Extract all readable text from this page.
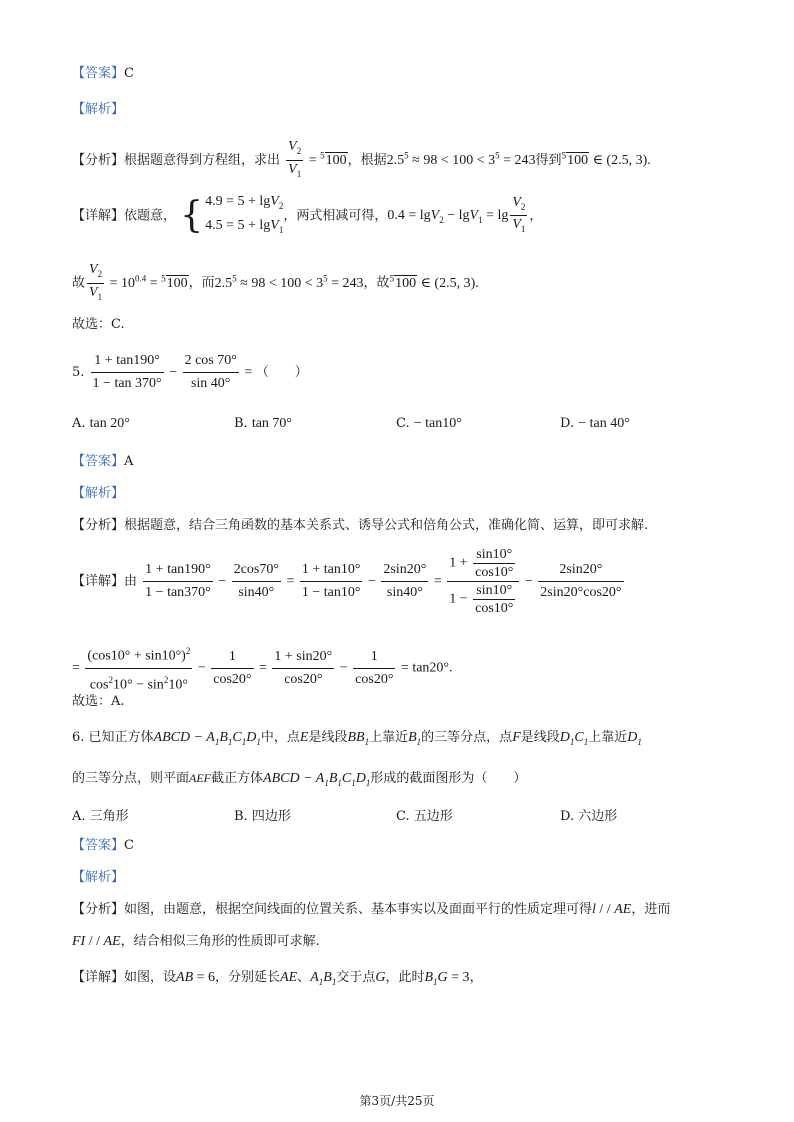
【答案】C
【解析】
【分析】根据题意得到方程组，求出 $\frac{V_2}{V_1} = ^5100$，根据$2.5^5 \approx 98 < 100 < 3^5 = 243$得到$^5$100 ∈ (2.5, 3).
【详解】依题意， { 4.9 = 5 + lgV$_2$
4.5 = 5 + lgV$_1$
，两式相减可得，$0.4 = \lg V_2 - \lg V_1 = \lg \frac{V_2}{V_1}$ ，
故 $\frac{V_2}{V_1} = 10^{0.4} = ^5100$，而$2.5^5 \approx 98 < 100 < 3^5 = 243$，故$^5$100 ∈ (2.5, 3).
故选：C.
5. $\frac{1 + \tan 190^\circ}{1 - \tan 370^\circ} - \frac{2 \cos 70^\circ}{\sin 40^\circ}$ = （　　）
A. tan 20°	B. tan 70°	C. − tan10°	D. − tan 40°
【答案】A
【解析】
【分析】根据题意，结合三角函数的基本关系式、诱导公式和倍角公式，准确化简、运算，即可求解.
【详解】由 $\frac{1 + \tan 190^\circ}{1 - \tan 370^\circ} - \frac{2\cos 70^\circ}{\sin 40^\circ} = \frac{1 + \tan 10^\circ}{1 - \tan 10^\circ} - \frac{2\sin 20^\circ}{\sin 40^\circ} = \frac{1 + \frac{\sin 10^\circ}{\cos 10^\circ}}{1 - \frac{\sin 10^\circ}{\cos 10^\circ}} - \frac{2\sin 20^\circ}{2\sin 20^\circ\cos 20^\circ}$
= $\frac{(\cos 10^\circ + \sin 10^\circ)^2}{\cos^210^\circ - \sin^210^\circ} - \frac{1}{\cos 20^\circ} = \frac{1 + \sin 20^\circ}{\cos 20^\circ} - \frac{1}{\cos 20^\circ} = \tan 20^\circ$.
故选：A.
6. 已知正方体ABCD − $A_1B_1C_1D_1$中，点E是线段$BB_1$上靠近$B_1$的三等分点，点F是线段$D_1C_1$上靠近$D_1$
的三等分点，则平面AEF截正方体ABCD − $A_1B_1C_1D_1$形成的截面图形为（　　）
A. 三角形	B. 四边形	C. 五边形	D. 六边形
【答案】C
【解析】
【分析】如图，由题意，根据空间线面的位置关系、基本事实以及面面平行的性质定理可得l / / AE，进而
FI / / AE，结合相似三角形的性质即可求解.
【详解】如图，设AB = 6，分别延长AE、$A_1B_1$交于点G，此时$B_1G = 3$，
第3页/共25页
